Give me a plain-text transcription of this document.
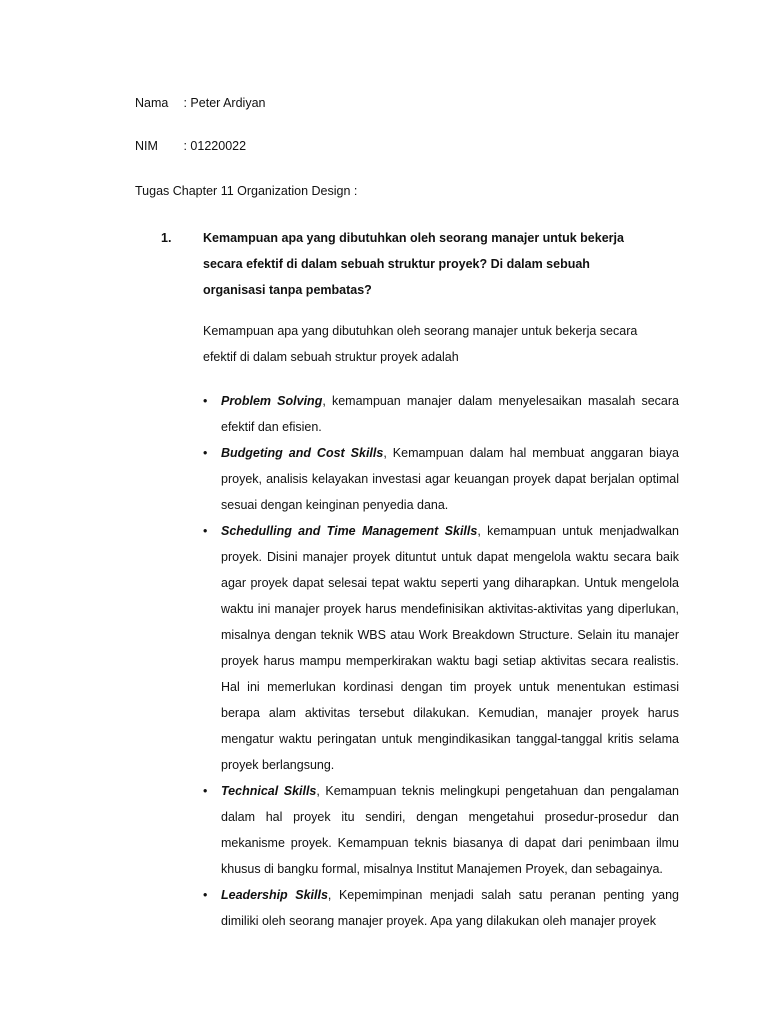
Nama : Peter Ardiyan
NIM : 01220022
Tugas Chapter 11 Organization Design :
1.	Kemampuan apa yang dibutuhkan oleh seorang manajer untuk bekerja secara efektif di dalam sebuah struktur proyek? Di dalam sebuah organisasi tanpa pembatas?
Kemampuan apa yang dibutuhkan oleh seorang manajer untuk bekerja secara efektif di dalam sebuah struktur proyek adalah
• Problem Solving, kemampuan manajer dalam menyelesaikan masalah secara efektif dan efisien.
• Budgeting and Cost Skills, Kemampuan dalam hal membuat anggaran biaya proyek, analisis kelayakan investasi agar keuangan proyek dapat berjalan optimal sesuai dengan keinginan penyedia dana.
• Schedulling and Time Management Skills, kemampuan untuk menjadwalkan proyek. Disini manajer proyek dituntut untuk dapat mengelola waktu secara baik agar proyek dapat selesai tepat waktu seperti yang diharapkan. Untuk mengelola waktu ini manajer proyek harus mendefinisikan aktivitas-aktivitas yang diperlukan, misalnya dengan teknik WBS atau Work Breakdown Structure. Selain itu manajer proyek harus mampu memperkirakan waktu bagi setiap aktivitas secara realistis. Hal ini memerlukan kordinasi dengan tim proyek untuk menentukan estimasi berapa alam aktivitas tersebut dilakukan. Kemudian, manajer proyek harus mengatur waktu peringatan untuk mengindikasikan tanggal-tanggal kritis selama proyek berlangsung.
• Technical Skills, Kemampuan teknis melingkupi pengetahuan dan pengalaman dalam hal proyek itu sendiri, dengan mengetahui prosedur-prosedur dan mekanisme proyek. Kemampuan teknis biasanya di dapat dari penimbaan ilmu khusus di bangku formal, misalnya Institut Manajemen Proyek, dan sebagainya.
• Leadership Skills, Kepemimpinan menjadi salah satu peranan penting yang dimiliki oleh seorang manajer proyek. Apa yang dilakukan oleh manajer proyek
